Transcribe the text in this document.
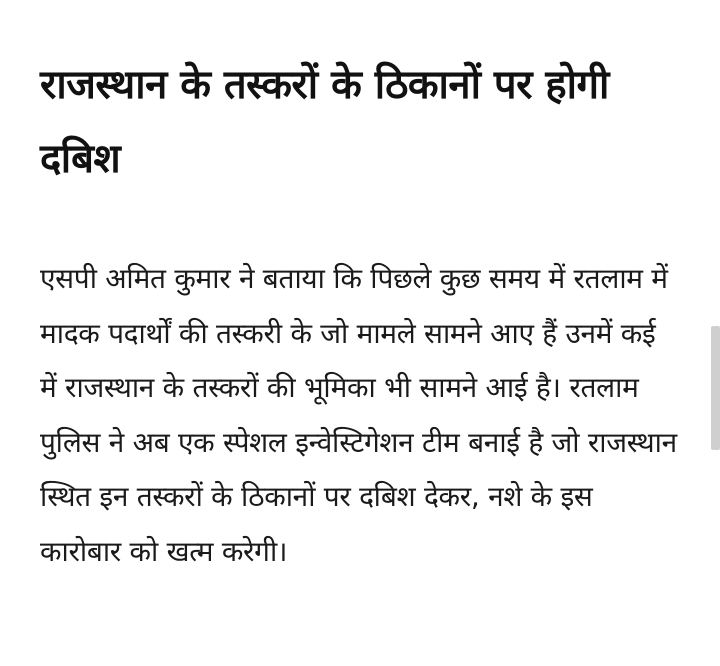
राजस्थान के तस्करों के ठिकानों पर होगी दबिश

एसपी अमित कुमार ने बताया कि पिछले कुछ समय में रतलाम में मादक पदार्थों की तस्करी के जो मामले सामने आए हैं उनमें कई में राजस्थान के तस्करों की भूमिका भी सामने आई है। रतलाम पुलिस ने अब एक स्पेशल इन्वेस्टिगेशन टीम बनाई है जो राजस्थान स्थित इन तस्करों के ठिकानों पर दबिश देकर, नशे के इस कारोबार को खत्म करेगी।
